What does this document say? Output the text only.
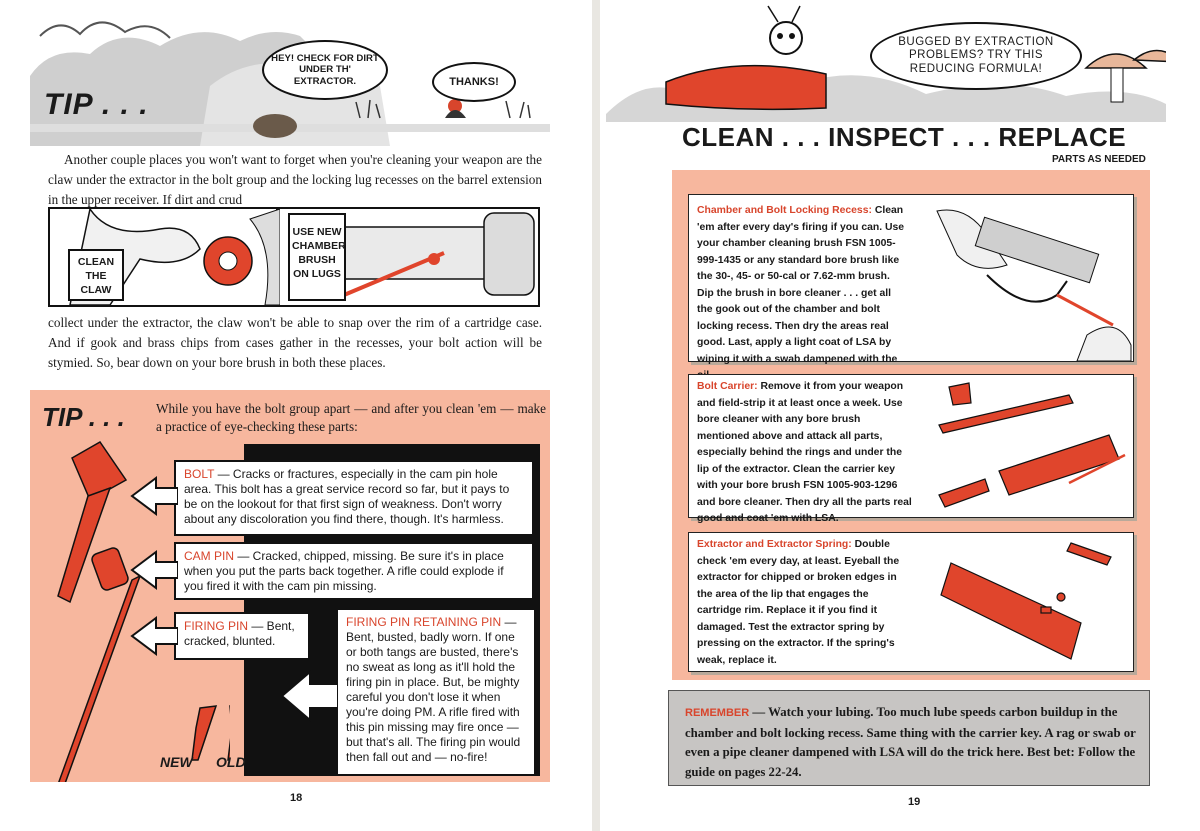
TIP . . .
HEY! CHECK FOR DIRT UNDER TH' EXTRACTOR.	THANKS!
Another couple places you won't want to forget when you're cleaning your weapon are the claw under the extractor in the bolt group and the locking lug recesses on the barrel extension in the upper receiver. If dirt and crud
CLEAN THE CLAW
USE NEW CHAMBER BRUSH ON LUGS
collect under the extractor, the claw won't be able to snap over the rim of a cartridge case. And if gook and brass chips from cases gather in the recesses, your bolt action will be stymied. So, bear down on your bore brush in both these places.
TIP . . . While you have the bolt group apart — and after you clean 'em — make a practice of eye-checking these parts:
BOLT — Cracks or fractures, especially in the cam pin hole area. This bolt has a great service record so far, but it pays to be on the lookout for that first sign of weakness. Don't worry about any discoloration you find there, though. It's harmless.
CAM PIN — Cracked, chipped, missing. Be sure it's in place when you put the parts back together. A rifle could explode if you fired it with the cam pin missing.
FIRING PIN — Bent, cracked, blunted.
FIRING PIN RETAINING PIN — Bent, busted, badly worn. If one or both tangs are busted, there's no sweat as long as it'll hold the firing pin in place. But, be mighty careful you don't lose it when you're doing PM. A rifle fired with this pin missing may fire once — but that's all. The firing pin would then fall out and — no-fire!
NEW OLD
18
BUGGED BY EXTRACTION PROBLEMS? TRY THIS REDUCING FORMULA!
CLEAN . . . INSPECT . . . REPLACE
PARTS AS NEEDED
Chamber and Bolt Locking Recess: Clean 'em after every day's firing if you can. Use your chamber cleaning brush FSN 1005-999-1435 or any standard bore brush like the 30-, 45- or 50-cal or 7.62-mm brush. Dip the brush in bore cleaner . . . get all the gook out of the chamber and bolt locking recess. Then dry the areas real good. Last, apply a light coat of LSA by wiping it with a swab dampened with the
Bolt Carrier: Remove it from your weapon and field-strip it at least once a week. Use bore cleaner with any bore brush mentioned above and attack all parts, especially behind the rings and under the lip of the extractor. Clean the carrier key with your bore brush FSN 1005-903-1296 and bore cleaner. Then dry all the parts real good and coat 'em with LSA.
Extractor and Extractor Spring: Double check 'em every day, at least. Eyeball the extractor for chipped or broken edges in the area of the lip that engages the cartridge rim. Replace it if you find it damaged. Test the extractor spring by pressing on the extractor. If the spring's weak, replace it.
REMEMBER — Watch your lubing. Too much lube speeds carbon buildup in the chamber and bolt locking recess. Same thing with the carrier key. A rag or swab or even a pipe cleaner dampened with LSA will do the trick here. Best bet: Follow the guide on pages 22-24.
19
